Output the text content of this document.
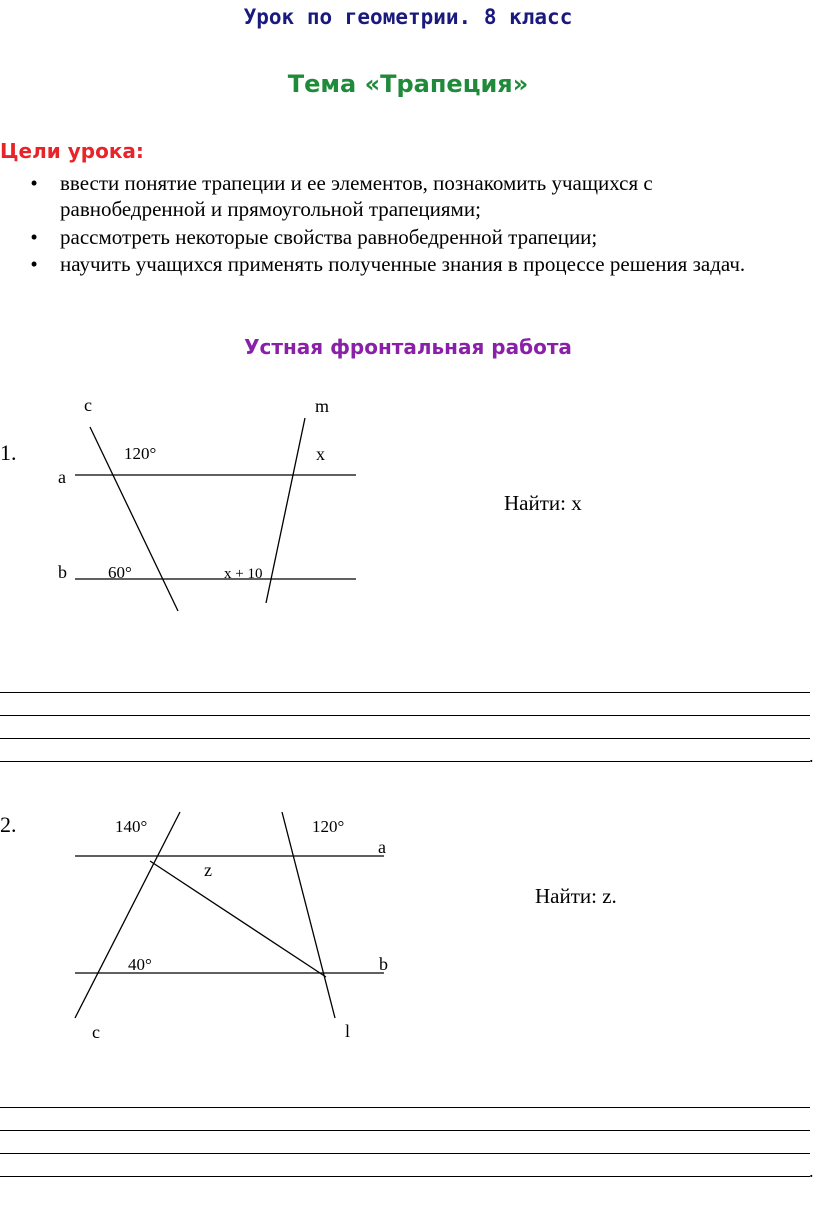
Урок по геометрии. 8 класс
Тема «Трапеция»
Цели урока:
• ввести понятие трапеции и ее элементов, познакомить учащихся с
равнобедренной и прямоугольной трапециями;
• рассмотреть некоторые свойства равнобедренной трапеции;
• научить учащихся применять полученные знания в процессе решения задач.
Устная фронтальная работа
1.
c	m
a
b
120°	x
60°	x + 10
Найти: x
.
2.	140°	120°
a
z
40°	b
c	l
Найти: z.
.
